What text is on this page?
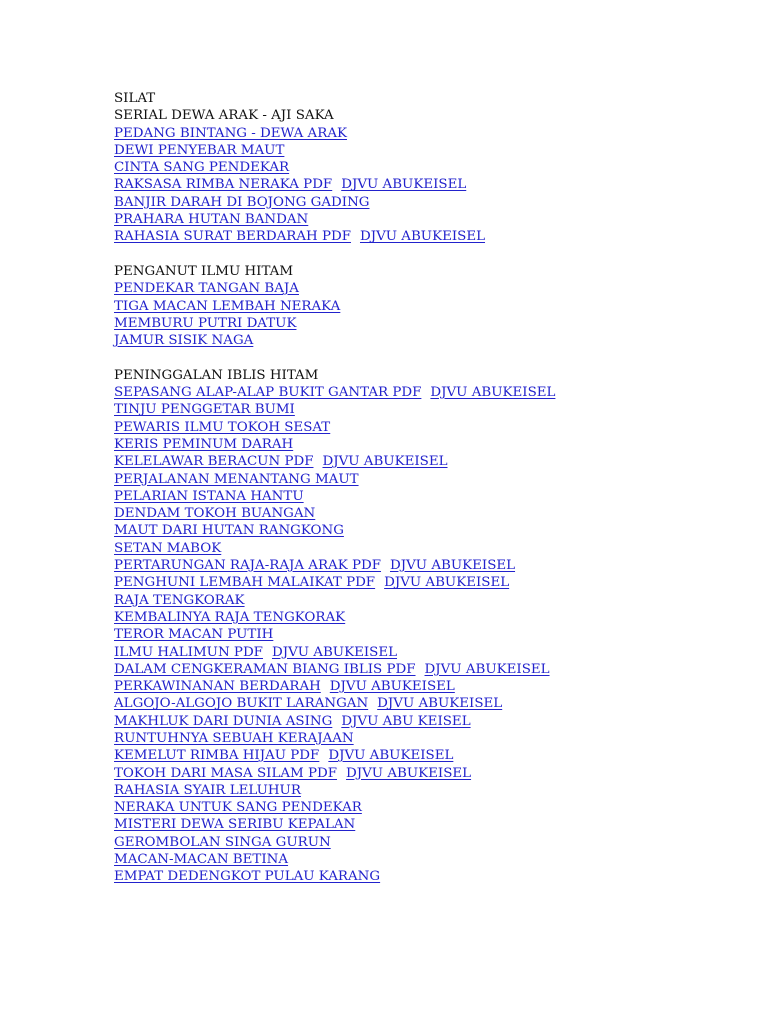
SILAT
SERIAL DEWA ARAK - AJI SAKA
PEDANG BINTANG - DEWA ARAK
DEWI PENYEBAR MAUT
CINTA SANG PENDEKAR
RAKSASA RIMBA NERAKA PDF DJVU ABUKEISEL
BANJIR DARAH DI BOJONG GADING
PRAHARA HUTAN BANDAN
RAHASIA SURAT BERDARAH PDF DJVU ABUKEISEL
PENGANUT ILMU HITAM
PENDEKAR TANGAN BAJA
TIGA MACAN LEMBAH NERAKA
MEMBURU PUTRI DATUK
JAMUR SISIK NAGA
PENINGGALAN IBLIS HITAM
SEPASANG ALAP-ALAP BUKIT GANTAR PDF DJVU ABUKEISEL
TINJU PENGGETAR BUMI
PEWARIS ILMU TOKOH SESAT
KERIS PEMINUM DARAH
KELELAWAR BERACUN PDF DJVU ABUKEISEL
PERJALANAN MENANTANG MAUT
PELARIAN ISTANA HANTU
DENDAM TOKOH BUANGAN
MAUT DARI HUTAN RANGKONG
SETAN MABOK
PERTARUNGAN RAJA-RAJA ARAK PDF DJVU ABUKEISEL
PENGHUNI LEMBAH MALAIKAT PDF DJVU ABUKEISEL
RAJA TENGKORAK
KEMBALINYA RAJA TENGKORAK
TEROR MACAN PUTIH
ILMU HALIMUN PDF DJVU ABUKEISEL
DALAM CENGKERAMAN BIANG IBLIS PDF DJVU ABUKEISEL
PERKAWINANAN BERDARAH DJVU ABUKEISEL
ALGOJO-ALGOJO BUKIT LARANGAN DJVU ABUKEISEL
MAKHLUK DARI DUNIA ASING DJVU ABU KEISEL
RUNTUHNYA SEBUAH KERAJAAN
KEMELUT RIMBA HIJAU PDF DJVU ABUKEISEL
TOKOH DARI MASA SILAM PDF DJVU ABUKEISEL
RAHASIA SYAIR LELUHUR
NERAKA UNTUK SANG PENDEKAR
MISTERI DEWA SERIBU KEPALAN
GEROMBOLAN SINGA GURUN
MACAN-MACAN BETINA
EMPAT DEDENGKOT PULAU KARANG
